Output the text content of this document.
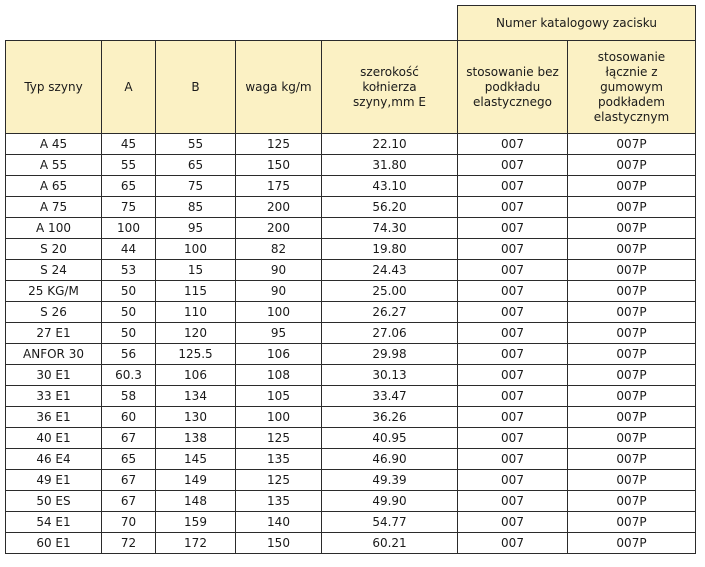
					Numer katalogowy zacisku	
Typ szyny	A	B	waga kg/m	szerokość kołnierza szyny,mm E	stosowanie bez podkładu elastycznego	stosowanie łącznie z gumowym podkładem elastycznym
A 45	45	55	125	22.10	007	007P
A 55	55	65	150	31.80	007	007P
A 65	65	75	175	43.10	007	007P
A 75	75	85	200	56.20	007	007P
A 100	100	95	200	74.30	007	007P
S 20	44	100	82	19.80	007	007P
S 24	53	15	90	24.43	007	007P
25 KG/M	50	115	90	25.00	007	007P
S 26	50	110	100	26.27	007	007P
27 E1	50	120	95	27.06	007	007P
ANFOR 30	56	125.5	106	29.98	007	007P
30 E1	60.3	106	108	30.13	007	007P
33 E1	58	134	105	33.47	007	007P
36 E1	60	130	100	36.26	007	007P
40 E1	67	138	125	40.95	007	007P
46 E4	65	145	135	46.90	007	007P
49 E1	67	149	125	49.39	007	007P
50 ES	67	148	135	49.90	007	007P
54 E1	70	159	140	54.77	007	007P
60 E1	72	172	150	60.21	007	007P
